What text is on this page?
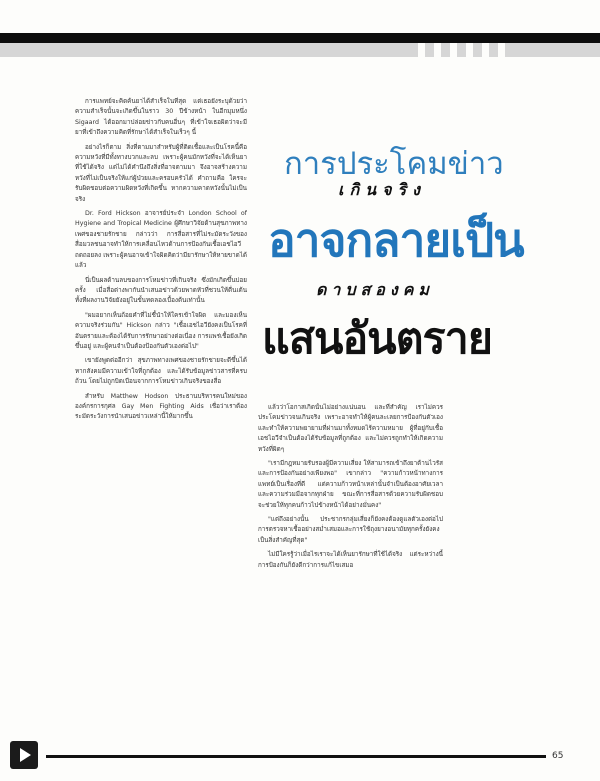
การแพทย์จะคิดค้นยาได้สำเร็จในที่สุด แต่เธอยังระบุด้วยว่าความสำเร็จนั้นจะเกิดขึ้นในราว 30 ปีข้างหน้า ในอีกมุมหนึ่ง Sigaard ได้ออกมาปล่อยข่าวกับคนอื่นๆ ที่เข้าใจเธอผิดว่าจะมียาที่เข้าถึงความคิดที่รักษาได้สำเร็จในเร็วๆ นี้

อย่างไรก็ตาม สิ่งที่ตามมาสำหรับผู้ที่ติดเชื้อและเป็นโรคนี้คือความหวังที่มีทั้งทางบวกและลบ เพราะผู้คนมักหวังที่จะได้เห็นยาที่ใช้ได้จริง แต่ไม่ได้คำนึงถึงสิ่งที่อาจตามมา จึงอาจสร้างความหวังที่ไม่เป็นจริงให้แก่ผู้ป่วยและครอบครัวได้ คำถามคือ ใครจะรับผิดชอบต่อความผิดหวังที่เกิดขึ้น หากความคาดหวังนั้นไม่เป็นจริง

Dr. Ford Hickson อาจารย์ประจำ London School of Hygiene and Tropical Medicine ผู้ศึกษาวิจัยด้านสุขภาพทางเพศของชายรักชาย กล่าวว่า การสื่อสารที่ไม่ระมัดระวังของสื่อมวลชนอาจทำให้การเคลื่อนไหวด้านการป้องกันเชื้อเอชไอวีถดถอยลง เพราะผู้คนอาจเข้าใจผิดคิดว่ามียารักษาให้หายขาดได้แล้ว

นี่เป็นผลด้านลบของการโหมข่าวที่เกินจริง ซึ่งมักเกิดขึ้นบ่อยครั้ง เมื่อสื่อต่างพากันนำเสนอข่าวด้วยพาดหัวที่ชวนให้ตื่นเต้น ทั้งที่ผลงานวิจัยยังอยู่ในขั้นทดลองเบื้องต้นเท่านั้น

"ผมอยากเห็นถ้อยคำที่ไม่ชี้นำให้ใครเข้าใจผิด และมองเห็นความจริงร่วมกัน" Hickson กล่าว "เชื้อเอชไอวียังคงเป็นโรคที่อันตรายและต้องได้รับการรักษาอย่างต่อเนื่อง การแพร่เชื้อยังเกิดขึ้นอยู่ และผู้คนจำเป็นต้องป้องกันตัวเองต่อไป"

เขายังพูดต่ออีกว่า สุขภาพทางเพศของชายรักชายจะดีขึ้นได้ หากสังคมมีความเข้าใจที่ถูกต้อง และได้รับข้อมูลข่าวสารที่ครบถ้วน โดยไม่ถูกบิดเบือนจากการโหมข่าวเกินจริงของสื่อ

สำหรับ Matthew Hodson ประธานบริหารคนใหม่ขององค์กรการกุศล Gay Men Fighting Aids เชื่อว่าเราต้องระมัดระวังการนำเสนอข่าวเหล่านี้ให้มากขึ้น

การประโคมข่าว
เกินจริง
อาจกลายเป็น
ดาบสองคม
แสนอันตราย

แล้วว่าโอกาสเกิดนั้นไม่อย่างแน่นอน และที่สำคัญ เราไม่ควรประโคมข่าวจนเกินจริง เพราะอาจทำให้ผู้คนละเลยการป้องกันตัวเอง และทำให้ความพยายามที่ผ่านมาทั้งหมดไร้ความหมาย ผู้ที่อยู่กับเชื้อเอชไอวีจำเป็นต้องได้รับข้อมูลที่ถูกต้อง และไม่ควรถูกทำให้เกิดความหวังที่ผิดๆ

"เรามีกฎหมายรับรองผู้มีความเสี่ยง ให้สามารถเข้าถึงยาต้านไวรัส และการป้องกันอย่างเพียงพอ" เขากล่าว "ความก้าวหน้าทางการแพทย์เป็นเรื่องที่ดี แต่ความก้าวหน้าเหล่านั้นจำเป็นต้องอาศัยเวลา และความร่วมมือจากทุกฝ่าย ขณะที่การสื่อสารด้วยความรับผิดชอบจะช่วยให้ทุกคนก้าวไปข้างหน้าได้อย่างมั่นคง"

"แต่ถึงอย่างนั้น ประชากรกลุ่มเสี่ยงก็ยังคงต้องดูแลตัวเองต่อไป การตรวจหาเชื้ออย่างสม่ำเสมอและการใช้ถุงยางอนามัยทุกครั้งยังคงเป็นสิ่งสำคัญที่สุด"

ไม่มีใครรู้ว่าเมื่อไรเราจะได้เห็นยารักษาที่ใช้ได้จริง แต่ระหว่างนี้ การป้องกันก็ยังดีกว่าการแก้ไขเสมอ

65
